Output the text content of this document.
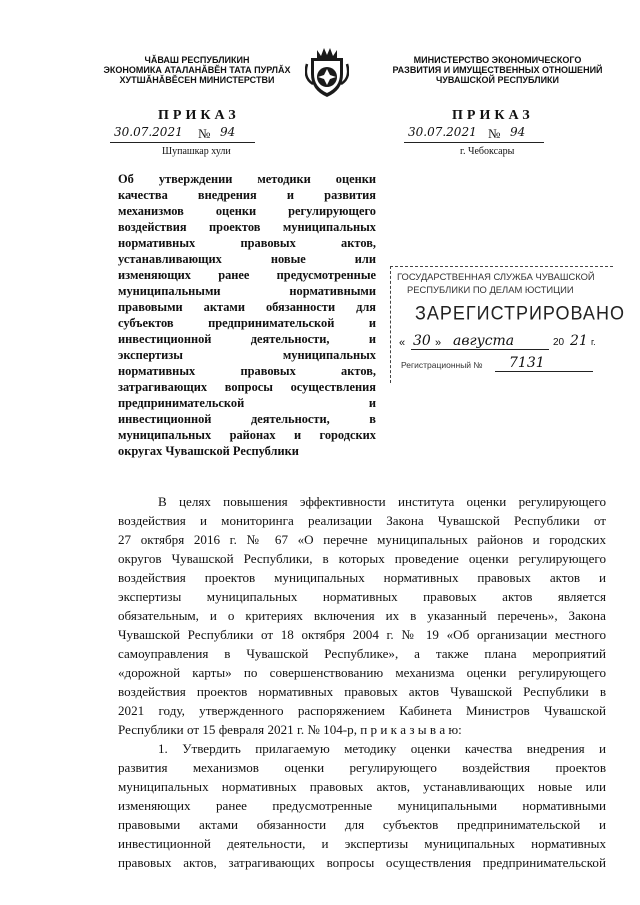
ЧĂВАШ РЕСПУБЛИКИН
ЭКОНОМИКА АТАЛАНĂВĔН ТАТА ПУРЛĂХ
ХУТШĂНĂВĔСЕН МИНИСТЕРСТВИ
МИНИСТЕРСТВО ЭКОНОМИЧЕСКОГО
РАЗВИТИЯ И ИМУЩЕСТВЕННЫХ ОТНОШЕНИЙ
ЧУВАШСКОЙ РЕСПУБЛИКИ
ПРИКАЗ
30.07.2021 № 94
Шупашкар хули
ПРИКАЗ
30.07.2021 № 94
г. Чебоксары
Об утверждении методики оценки
качества внедрения и развития
механизмов оценки регулирующего
воздействия проектов муниципальных
нормативных правовых актов,
устанавливающих новые или
изменяющих ранее предусмотренные
муниципальными нормативными
правовыми актами обязанности для
субъектов предпринимательской и
инвестиционной деятельности, и
экспертизы муниципальных
нормативных правовых актов,
затрагивающих вопросы осуществления
предпринимательской и
инвестиционной деятельности, в
муниципальных районах и городских
округах Чувашской Республики
ГОСУДАРСТВЕННАЯ СЛУЖБА ЧУВАШСКОЙ
РЕСПУБЛИКИ ПО ДЕЛАМ ЮСТИЦИИ
ЗАРЕГИСТРИРОВАНО
« 30 » августа	20 21 г.
Регистрационный № 7131
В целях повышения эффективности института оценки регулирующего
воздействия и мониторинга реализации Закона Чувашской Республики от
27 октября 2016 г. № 67 «О перечне муниципальных районов и городских
округов Чувашской Республики, в которых проведение оценки регулирующего
воздействия проектов муниципальных нормативных правовых актов и
экспертизы муниципальных нормативных правовых актов является
обязательным, и о критериях включения их в указанный перечень», Закона
Чувашской Республики от 18 октября 2004 г. № 19 «Об организации местного
самоуправления в Чувашской Республике», а также плана мероприятий
«дорожной карты» по совершенствованию механизма оценки регулирующего
воздействия проектов нормативных правовых актов Чувашской Республики в
2021 году, утвержденного распоряжением Кабинета Министров Чувашской
Республики от 15 февраля 2021 г. № 104-р, п р и к а з ы в а ю:
1. Утвердить прилагаемую методику оценки качества внедрения и
развития механизмов оценки регулирующего воздействия проектов
муниципальных нормативных правовых актов, устанавливающих новые или
изменяющих ранее предусмотренные муниципальными нормативными
правовыми актами обязанности для субъектов предпринимательской и
инвестиционной деятельности, и экспертизы муниципальных нормативных
правовых актов, затрагивающих вопросы осуществления предпринимательской
